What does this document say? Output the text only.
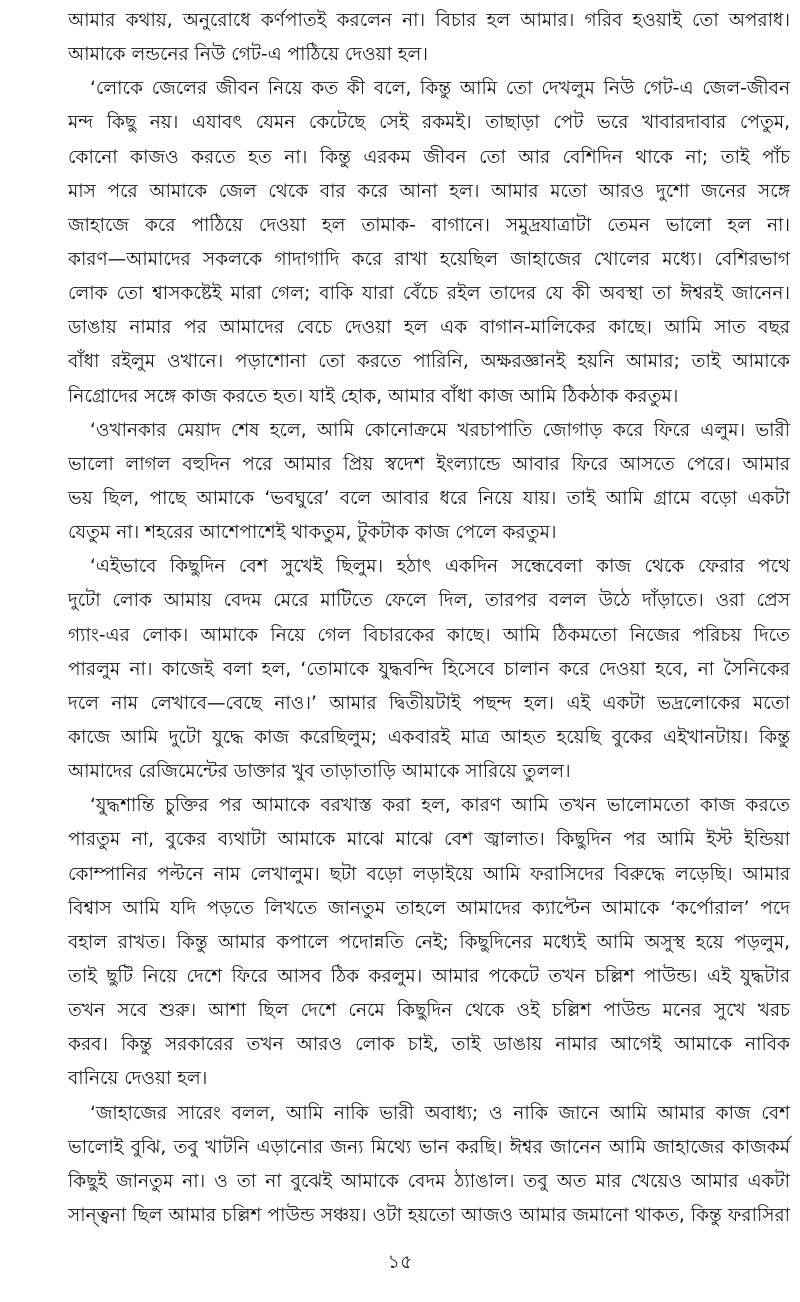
আমার কথায়, অনুরোধে কর্ণপাতই করলেন না। বিচার হল আমার। গরিব হওয়াই তো অপরাধ।
আমাকে লন্ডনের নিউ গেট-এ পাঠিয়ে দেওয়া হল।
‘লোকে জেলের জীবন নিয়ে কত কী বলে, কিন্তু আমি তো দেখলুম নিউ গেট-এ জেল-জীবন
মন্দ কিছু নয়। এযাবৎ যেমন কেটেছে সেই রকমই। তাছাড়া পেট ভরে খাবারদাবার পেতুম,
কোনো কাজও করতে হত না। কিন্তু এরকম জীবন তো আর বেশিদিন থাকে না; তাই পাঁচ
মাস পরে আমাকে জেল থেকে বার করে আনা হল। আমার মতো আরও দুশো জনের সঙ্গে
জাহাজে করে পাঠিয়ে দেওয়া হল তামাক- বাগানে। সমুদ্রযাত্রাটা তেমন ভালো হল না।
কারণ—আমাদের সকলকে গাদাগাদি করে রাখা হয়েছিল জাহাজের খোলের মধ্যে। বেশিরভাগ
লোক তো শ্বাসকষ্টেই মারা গেল; বাকি যারা বেঁচে রইল তাদের যে কী অবস্থা তা ঈশ্বরই জানেন।
ডাঙায় নামার পর আমাদের বেচে দেওয়া হল এক বাগান-মালিকের কাছে। আমি সাত বছর
বাঁধা রইলুম ওখানে। পড়াশোনা তো করতে পারিনি, অক্ষরজ্ঞানই হয়নি আমার; তাই আমাকে
নিগ্রোদের সঙ্গে কাজ করতে হত। যাই হোক, আমার বাঁধা কাজ আমি ঠিকঠাক করতুম।
‘ওখানকার মেয়াদ শেষ হলে, আমি কোনোক্রমে খরচাপাতি জোগাড় করে ফিরে এলুম। ভারী
ভালো লাগল বহুদিন পরে আমার প্রিয় স্বদেশ ইংল্যান্ডে আবার ফিরে আসতে পেরে। আমার
ভয় ছিল, পাছে আমাকে ‘ভবঘুরে’ বলে আবার ধরে নিয়ে যায়। তাই আমি গ্রামে বড়ো একটা
যেতুম না। শহরের আশেপাশেই থাকতুম, টুকটাক কাজ পেলে করতুম।
‘এইভাবে কিছুদিন বেশ সুখেই ছিলুম। হঠাৎ একদিন সন্ধেবেলা কাজ থেকে ফেরার পথে
দুটো লোক আমায় বেদম মেরে মাটিতে ফেলে দিল, তারপর বলল উঠে দাঁড়াতে। ওরা প্রেস
গ্যাং-এর লোক। আমাকে নিয়ে গেল বিচারকের কাছে। আমি ঠিকমতো নিজের পরিচয় দিতে
পারলুম না। কাজেই বলা হল, ‘তোমাকে যুদ্ধবন্দি হিসেবে চালান করে দেওয়া হবে, না সৈনিকের
দলে নাম লেখাবে—বেছে নাও।’ আমার দ্বিতীয়টাই পছন্দ হল। এই একটা ভদ্রলোকের মতো
কাজে আমি দুটো যুদ্ধে কাজ করেছিলুম; একবারই মাত্র আহত হয়েছি বুকের এইখানটায়। কিন্তু
আমাদের রেজিমেন্টের ডাক্তার খুব তাড়াতাড়ি আমাকে সারিয়ে তুলল।
‘যুদ্ধশান্তি চুক্তির পর আমাকে বরখাস্ত করা হল, কারণ আমি তখন ভালোমতো কাজ করতে
পারতুম না, বুকের ব্যথাটা আমাকে মাঝে মাঝে বেশ জ্বালাত। কিছুদিন পর আমি ইস্ট ইন্ডিয়া
কোম্পানির পল্টনে নাম লেখালুম। ছটা বড়ো লড়াইয়ে আমি ফরাসিদের বিরুদ্ধে লড়েছি। আমার
বিশ্বাস আমি যদি পড়তে লিখতে জানতুম তাহলে আমাদের ক্যাপ্টেন আমাকে ‘কর্পোরাল’ পদে
বহাল রাখত। কিন্তু আমার কপালে পদোন্নতি নেই; কিছুদিনের মধ্যেই আমি অসুস্থ হয়ে পড়লুম,
তাই ছুটি নিয়ে দেশে ফিরে আসব ঠিক করলুম। আমার পকেটে তখন চল্লিশ পাউন্ড। এই যুদ্ধটার
তখন সবে শুরু। আশা ছিল দেশে নেমে কিছুদিন থেকে ওই চল্লিশ পাউন্ড মনের সুখে খরচ
করব। কিন্তু সরকারের তখন আরও লোক চাই, তাই ডাঙায় নামার আগেই আমাকে নাবিক
বানিয়ে দেওয়া হল।
‘জাহাজের সারেং বলল, আমি নাকি ভারী অবাধ্য; ও নাকি জানে আমি আমার কাজ বেশ
ভালোই বুঝি, তবু খাটনি এড়ানোর জন্য মিথ্যে ভান করছি। ঈশ্বর জানেন আমি জাহাজের কাজকর্ম
কিছুই জানতুম না। ও তা না বুঝেই আমাকে বেদম ঠ্যাঙাল। তবু অত মার খেয়েও আমার একটা
সান্ত্বনা ছিল আমার চল্লিশ পাউন্ড সঞ্চয়। ওটা হয়তো আজও আমার জমানো থাকত, কিন্তু ফরাসিরা
১৫
